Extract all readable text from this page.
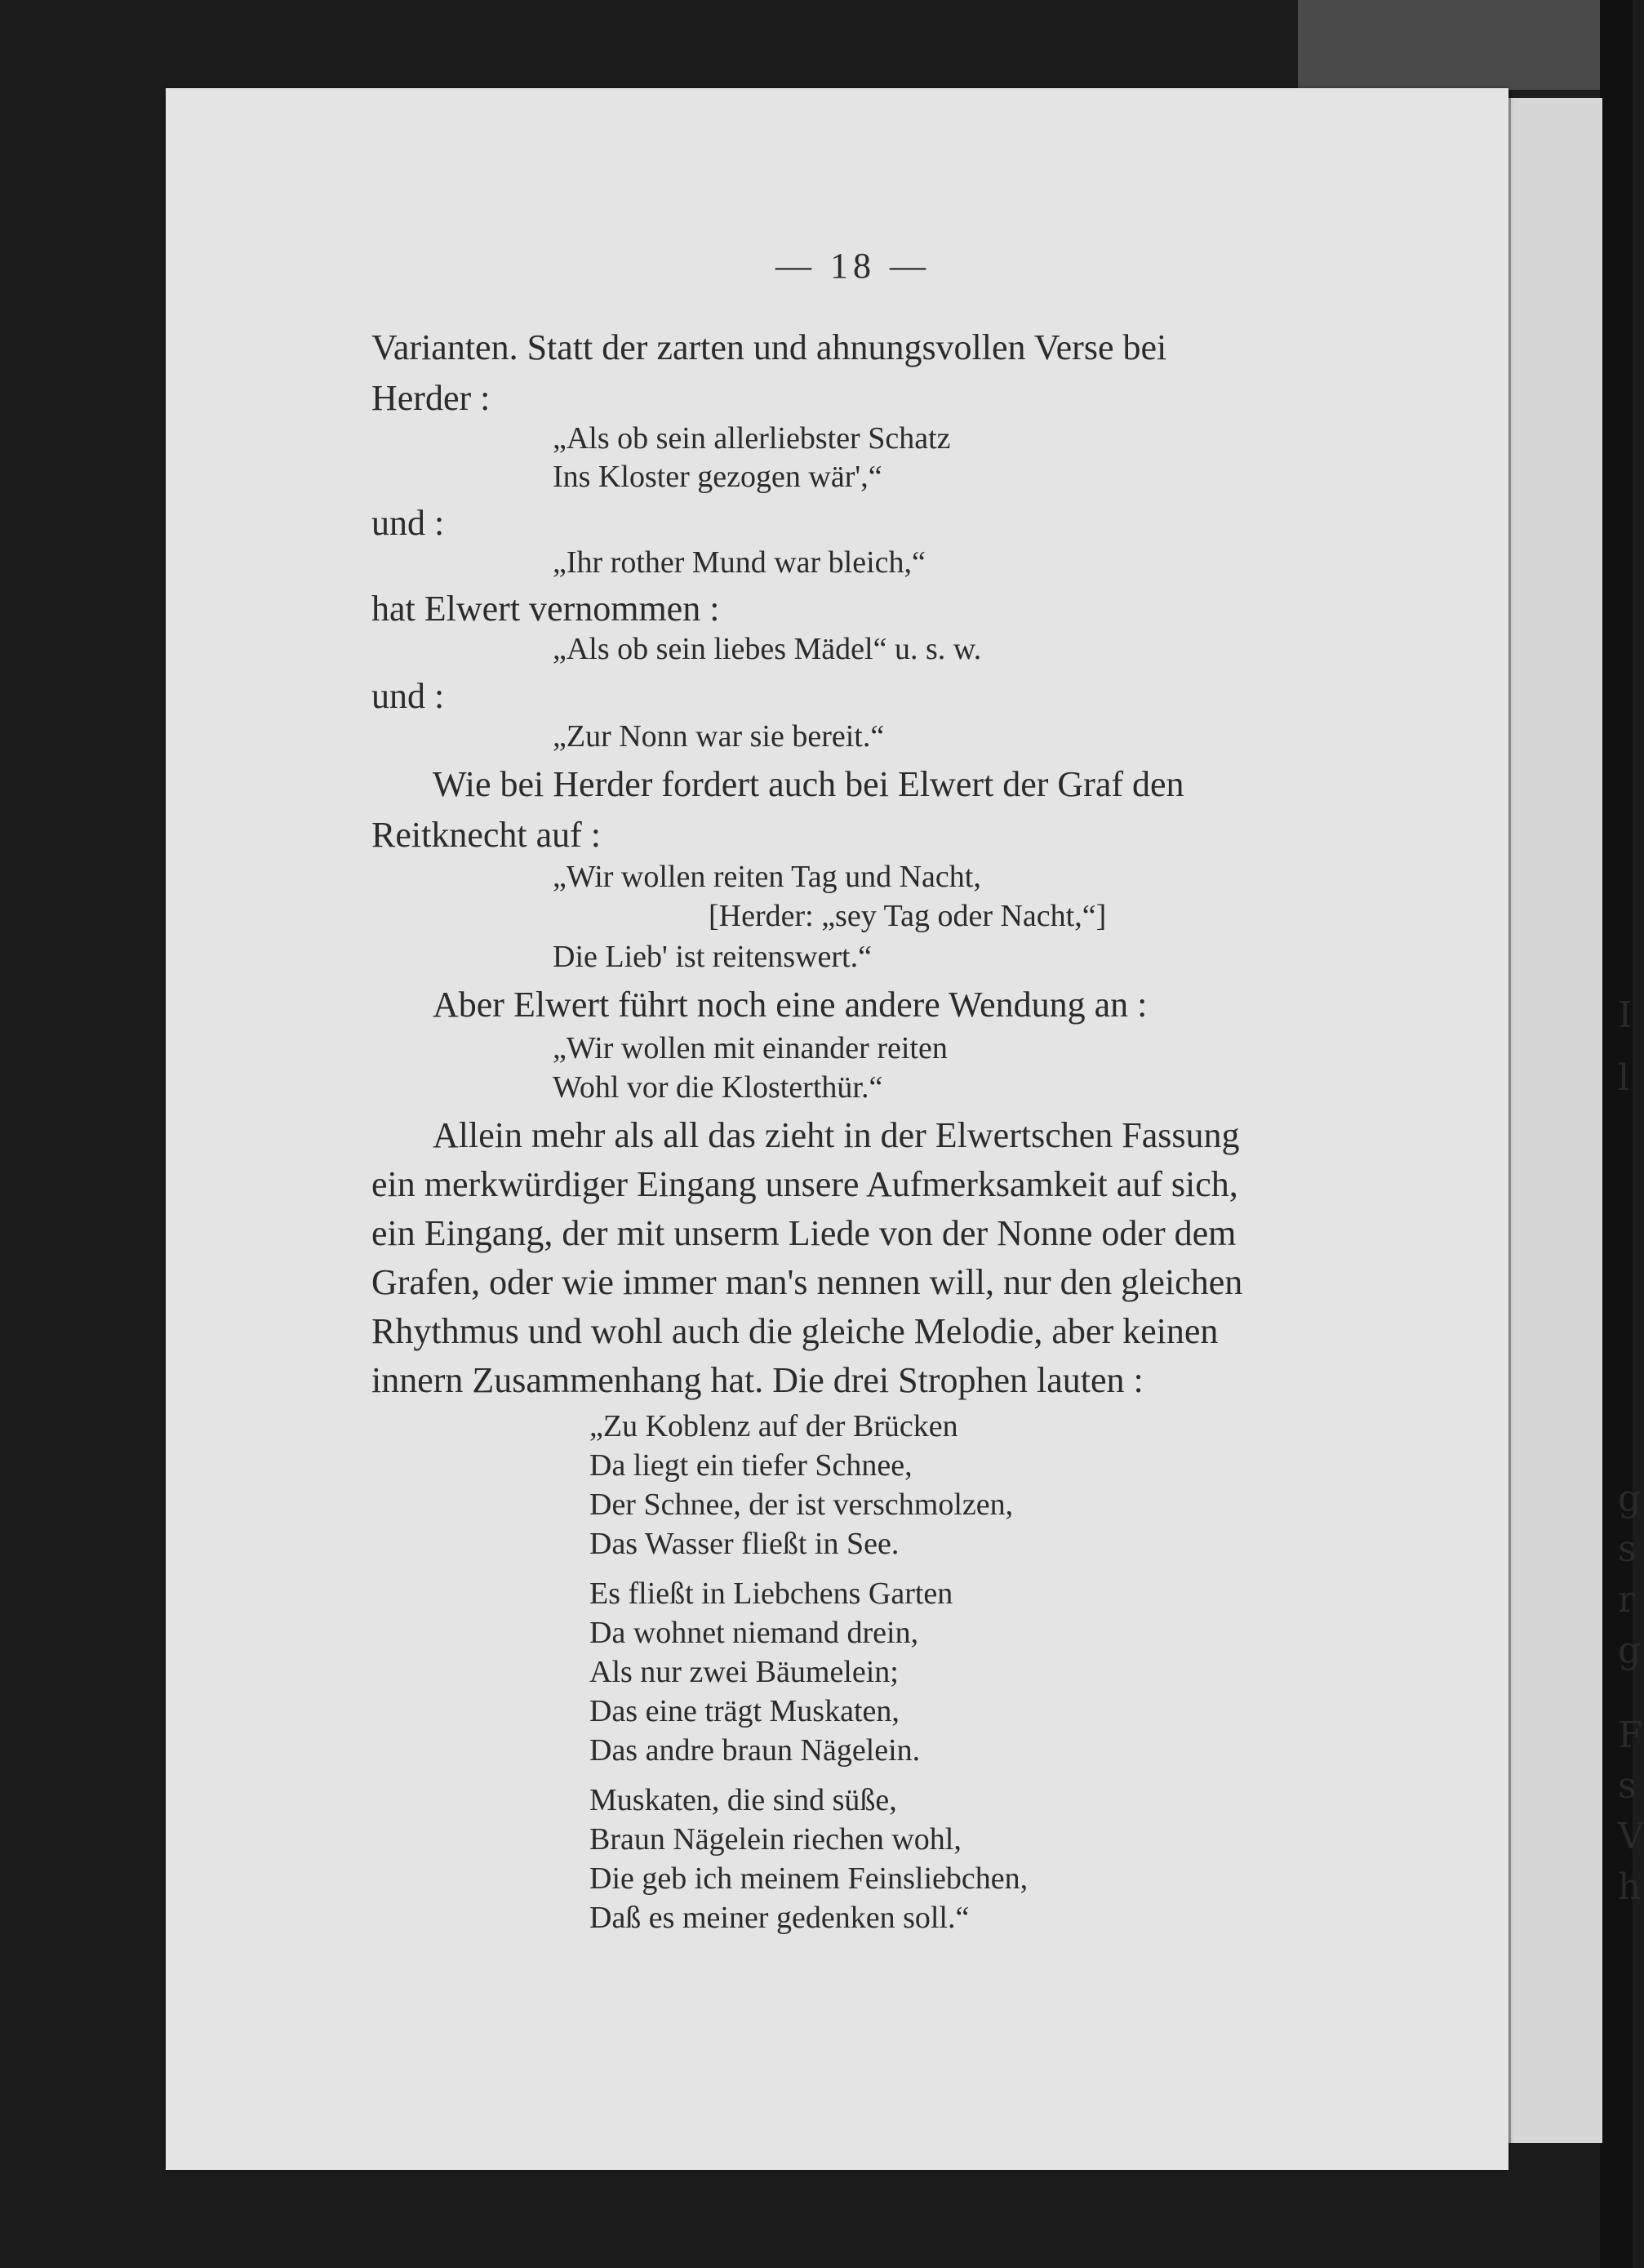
I
l
g
s
r
g
F
s
V
h
— 18 —
Varianten. Statt der zarten und ahnungsvollen Verse bei
Herder :
„Als ob sein allerliebster Schatz
Ins Kloster gezogen wär',“
und :
„Ihr rother Mund war bleich,“
hat Elwert vernommen :
„Als ob sein liebes Mädel“ u. s. w.
und :
„Zur Nonn war sie bereit.“
Wie bei Herder fordert auch bei Elwert der Graf den
Reitknecht auf :
„Wir wollen reiten Tag und Nacht,
[Herder: „sey Tag oder Nacht,“]
Die Lieb' ist reitenswert.“
Aber Elwert führt noch eine andere Wendung an :
„Wir wollen mit einander reiten
Wohl vor die Klosterthür.“
Allein mehr als all das zieht in der Elwertschen Fassung
ein merkwürdiger Eingang unsere Aufmerksamkeit auf sich,
ein Eingang, der mit unserm Liede von der Nonne oder dem
Grafen, oder wie immer man's nennen will, nur den gleichen
Rhythmus und wohl auch die gleiche Melodie, aber keinen
innern Zusammenhang hat. Die drei Strophen lauten :
„Zu Koblenz auf der Brücken
Da liegt ein tiefer Schnee,
Der Schnee, der ist verschmolzen,
Das Wasser fließt in See.
Es fließt in Liebchens Garten
Da wohnet niemand drein,
Als nur zwei Bäumelein;
Das eine trägt Muskaten,
Das andre braun Nägelein.
Muskaten, die sind süße,
Braun Nägelein riechen wohl,
Die geb ich meinem Feinsliebchen,
Daß es meiner gedenken soll.“
